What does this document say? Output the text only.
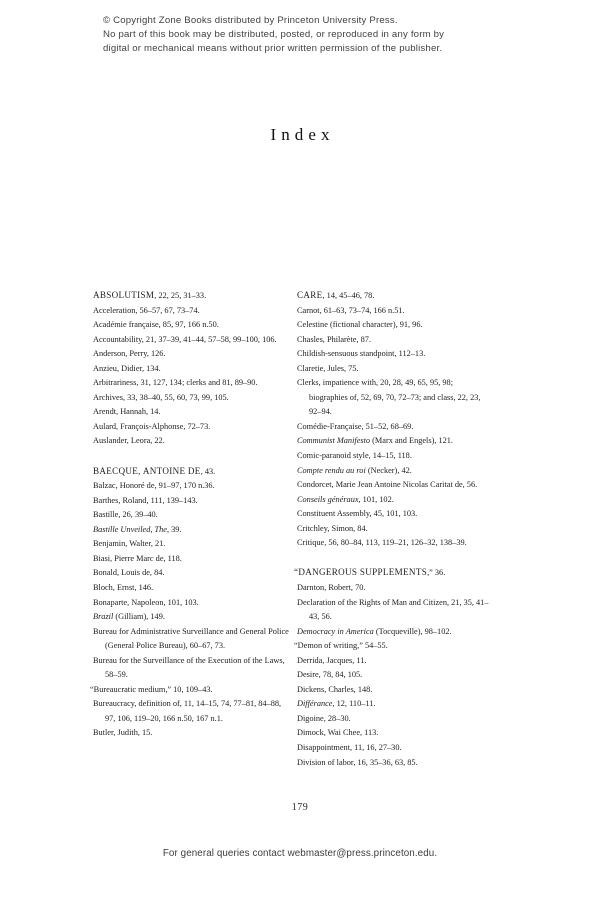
© Copyright Zone Books distributed by Princeton University Press.
No part of this book may be distributed, posted, or reproduced in any form by
digital or mechanical means without prior written permission of the publisher.
Index
ABSOLUTISM, 22, 25, 31–33.
Acceleration, 56–57, 67, 73–74.
Académie française, 85, 97, 166 n.50.
Accountability, 21, 37–39, 41–44, 57–58, 99–100, 106.
Anderson, Perry, 126.
Anzieu, Didier, 134.
Arbitrariness, 31, 127, 134; clerks and 81, 89–90.
Archives, 33, 38–40, 55, 60, 73, 99, 105.
Arendt, Hannah, 14.
Aulard, François-Alphonse, 72–73.
Auslander, Leora, 22.
BAECQUE, ANTOINE DE, 43.
Balzac, Honoré de, 91–97, 170 n.36.
Barthes, Roland, 111, 139–143.
Bastille, 26, 39–40.
Bastille Unveiled, The, 39.
Benjamin, Walter, 21.
Biasi, Pierre Marc de, 118.
Bonald, Louis de, 84.
Bloch, Ernst, 146.
Bonaparte, Napoleon, 101, 103.
Brazil (Gilliam), 149.
Bureau for Administrative Surveillance and General Police (General Police Bureau), 60–67, 73.
Bureau for the Surveillance of the Execution of the Laws, 58–59.
“Bureaucratic medium,” 10, 109–43.
Bureaucracy, definition of, 11, 14–15, 74, 77–81, 84–88, 97, 106, 119–20, 166 n.50, 167 n.1.
Butler, Judith, 15.
CARE, 14, 45–46, 78.
Carnot, 61–63, 73–74, 166 n.51.
Celestine (fictional character), 91, 96.
Chasles, Philarète, 87.
Childish-sensuous standpoint, 112–13.
Claretie, Jules, 75.
Clerks, impatience with, 20, 28, 49, 65, 95, 98; biographies of, 52, 69, 70, 72–73; and class, 22, 23, 92–94.
Comédie-Française, 51–52, 68–69.
Communist Manifesto (Marx and Engels), 121.
Comic-paranoid style, 14–15, 118.
Compte rendu au roi (Necker), 42.
Condorcet, Marie Jean Antoine Nicolas Caritat de, 56.
Conseils généraux, 101, 102.
Constituent Assembly, 45, 101, 103.
Critchley, Simon, 84.
Critique, 56, 80–84, 113, 119–21, 126–32, 138–39.
“DANGEROUS SUPPLEMENTS,” 36.
Darnton, Robert, 70.
Declaration of the Rights of Man and Citizen, 21, 35, 41–43, 56.
Democracy in America (Tocqueville), 98–102.
“Demon of writing,” 54–55.
Derrida, Jacques, 11.
Desire, 78, 84, 105.
Dickens, Charles, 148.
Différance, 12, 110–11.
Digoine, 28–30.
Dimock, Wai Chee, 113.
Disappointment, 11, 16, 27–30.
Division of labor, 16, 35–36, 63, 85.
179
For general queries contact webmaster@press.princeton.edu.
